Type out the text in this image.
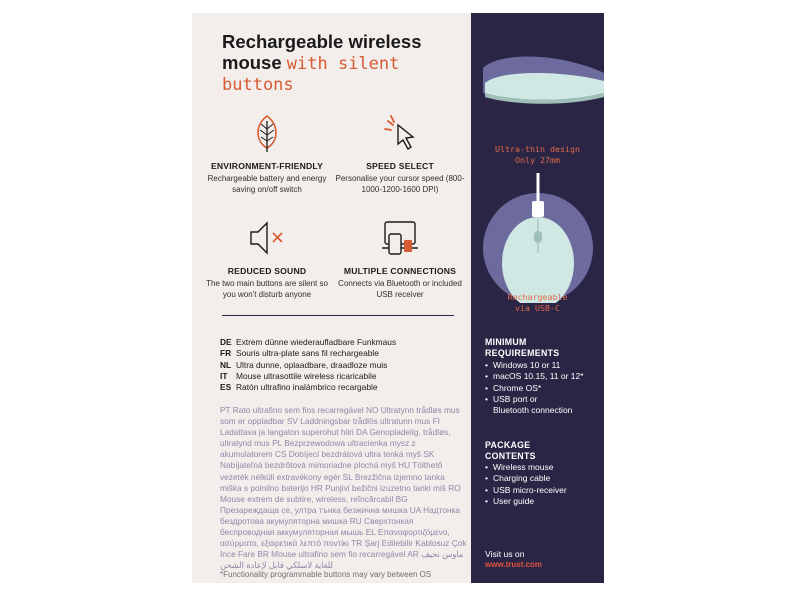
Rechargeable wireless
mouse with silent
buttons
ENVIRONMENT-FRIENDLY
Rechargeable battery and energy saving on/off switch
SPEED SELECT
Personalise your cursor speed (800-1000-1200-1600 DPI)
REDUCED SOUND
The two main buttons are silent so you won't disturb anyone
MULTIPLE CONNECTIONS
Connects via Bluetooth or included USB receiver
DE Extrem dünne wiederaufladbare Funkmaus
FR Souris ultra-plate sans fil rechargeable
NL Ultra dunne, oplaadbare, draadloze muis
IT	Mouse ultrasottile wireless ricaricabile
ES Ratón ultrafino inalámbrico recargable
PT Rato ultrafino sem fios recarregável NO Ultratynn trådløs mus som er oppladbar SV Laddningsbar trådlös ultratunn mus FI Ladattava ja langaton superohut hiiri DA Genopladelig, trådløs, ultratynd mus PL Bezprzewodowa ultracienka mysz z akumulatorem CS Dobíjecí bezdrátová ultra tenká myš SK Nabíjateľná bezdrôtová mimoriadne plochá myš HU Tölthető vezeték nélküli extravékony egér SL Brezžična izjemno tanka miška s polnilno baterijo HR Punjivi bežični izuzetno tanki miš RO Mouse extrem de subtire, wireless, reîncărcabil BG Презареждаща се, ултра тънка безжична мишка UA Надтонка бездротова акумуляторна мишка RU Сверхтонкая беспроводная аккумуляторная мышь EL Επαναφορτιζόμενο, ασύρματο, εξαιρετικά λεπτό ποντίκι TR Şarj Edilebilir Kablosuz Çok İnce Fare BR Mouse ultrafino sem fio recarregável AR ماوس نحيف للغاية لاسلكي قابل لإعادة الشحن
*Functionality programmable buttons may vary between OS
Ultra-thin design
Only 27mm
Rechargeable
via USB-C
MINIMUM
REQUIREMENTS
• Windows 10 or 11
• macOS 10.15, 11 or 12*
• Chrome OS*
• USB port or
Bluetooth connection
PACKAGE
CONTENTS
• Wireless mouse
• Charging cable
• USB micro-receiver
• User guide
Visit us on
www.trust.com
